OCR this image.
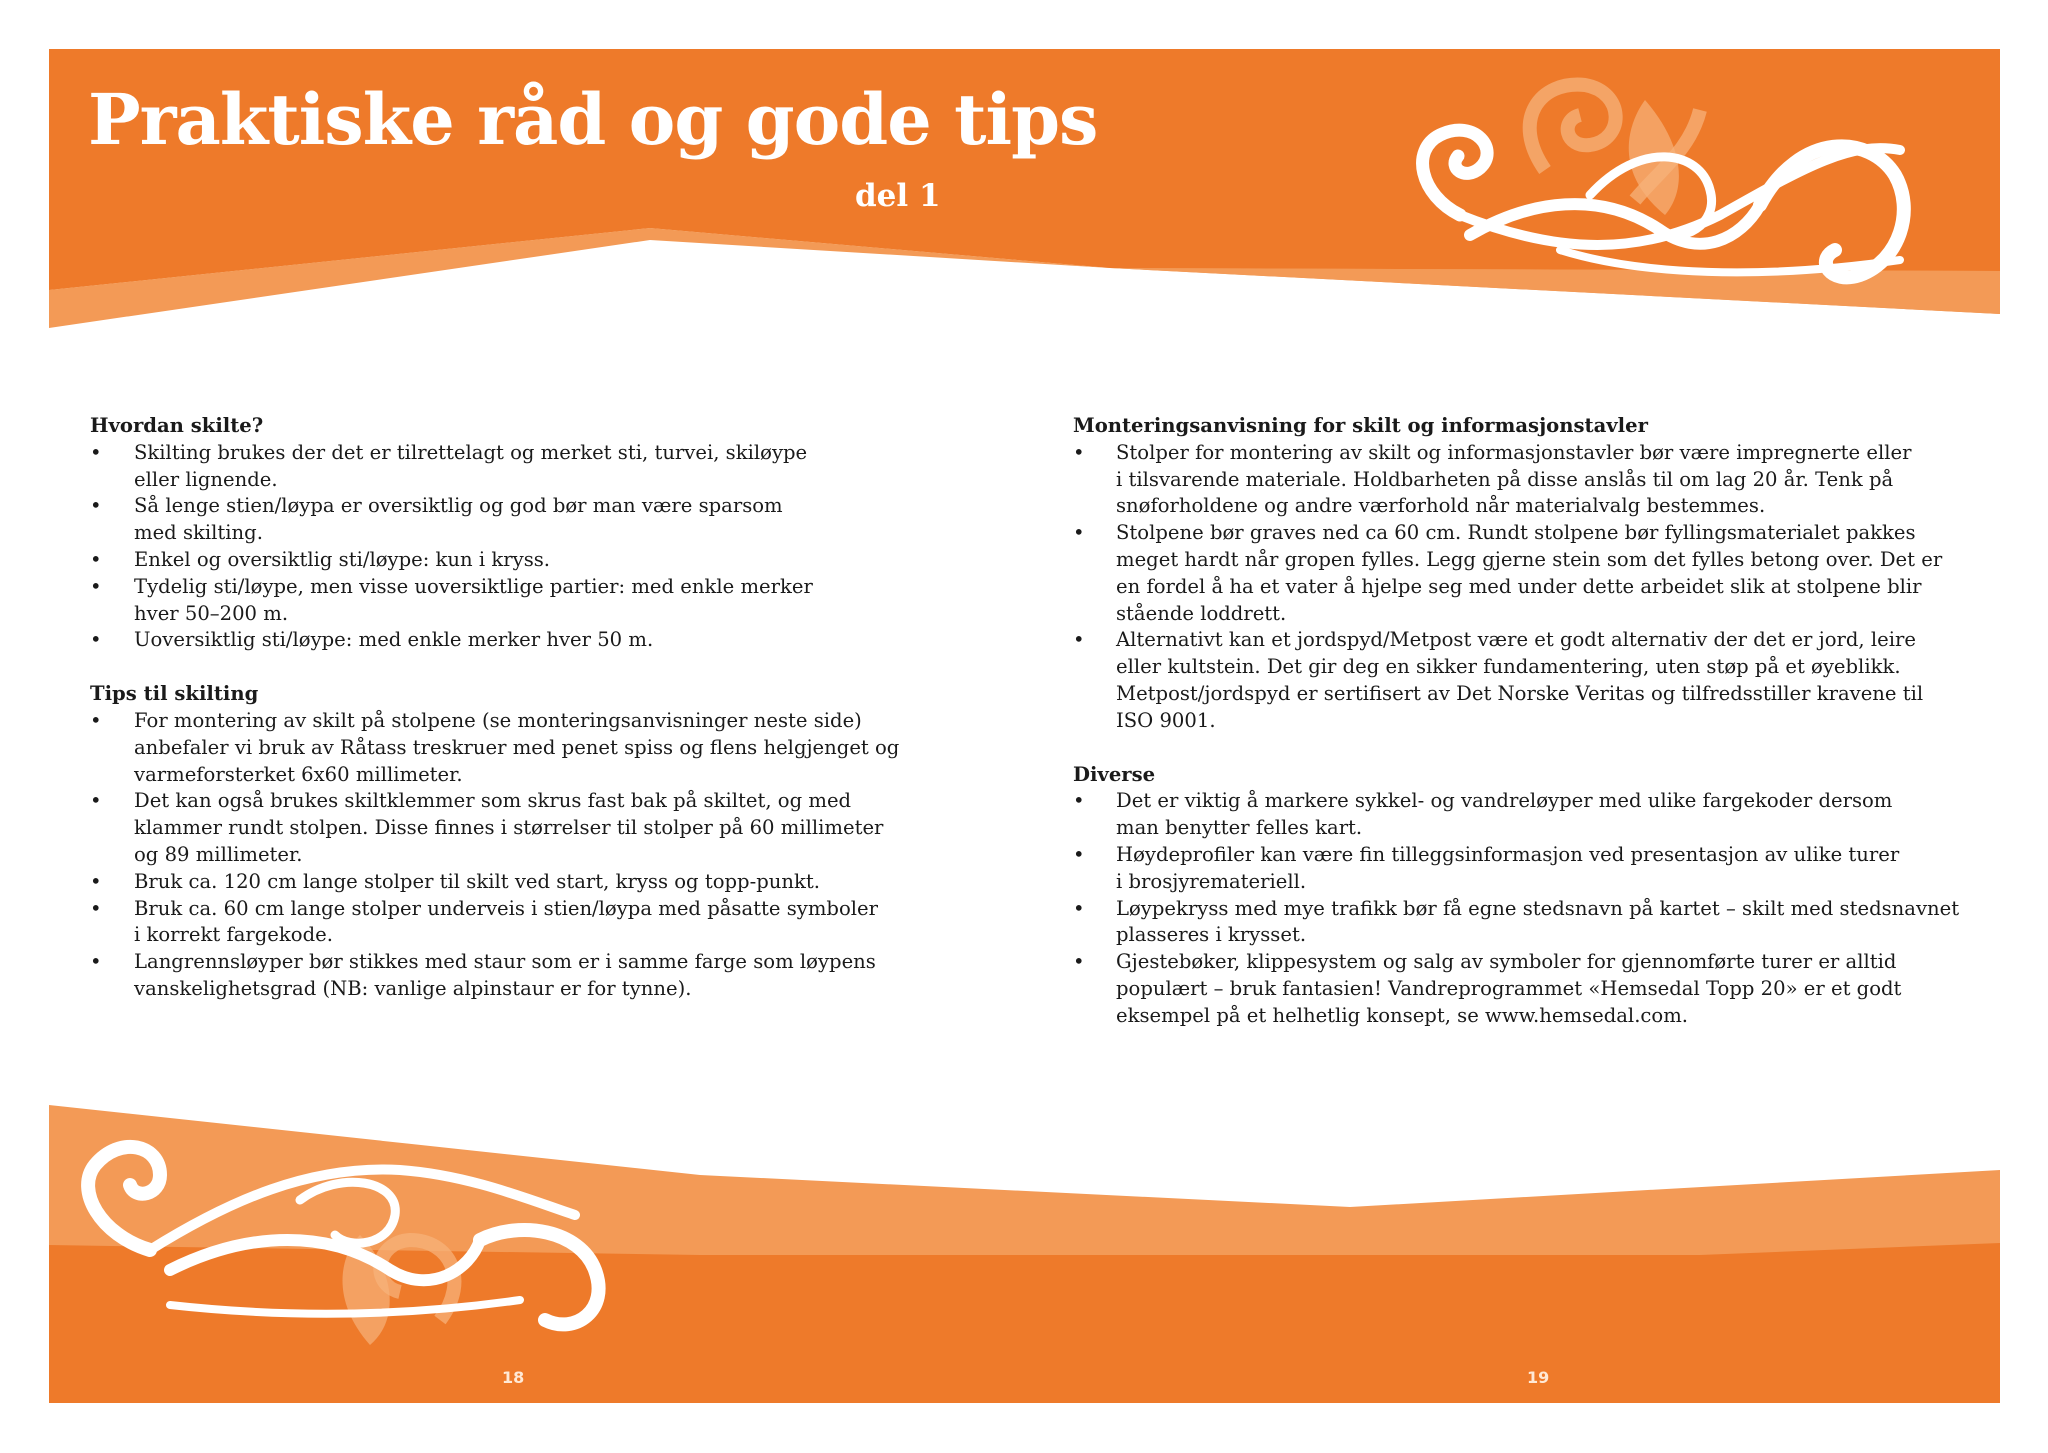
Praktiske råd og gode tips
del 1

Hvordan skilte?

• Skilting brukes der det er tilrettelagt og merket sti, turvei, skiløype
eller lignende.
• Så lenge stien/løypa er oversiktlig og god bør man være sparsom
med skilting.
• Enkel og oversiktlig sti/løype: kun i kryss.
• Tydelig sti/løype, men visse uoversiktlige partier: med enkle merker
hver 50–200 m.
• Uoversiktlig sti/løype: med enkle merker hver 50 m.

Tips til skilting

• For montering av skilt på stolpene (se monteringsanvisninger neste side)
anbefaler vi bruk av Råtass treskruer med penet spiss og flens helgjenget og
varmeforsterket 6x60 millimeter.
• Det kan også brukes skiltklemmer som skrus fast bak på skiltet, og med
klammer rundt stolpen. Disse finnes i størrelser til stolper på 60 millimeter
og 89 millimeter.
• Bruk ca. 120 cm lange stolper til skilt ved start, kryss og topp-punkt.
• Bruk ca. 60 cm lange stolper underveis i stien/løypa med påsatte symboler
i korrekt fargekode.
• Langrennsløyper bør stikkes med staur som er i samme farge som løypens
vanskelighetsgrad (NB: vanlige alpinstaur er for tynne).

Monteringsanvisning for skilt og informasjonstavler

• Stolper for montering av skilt og informasjonstavler bør være impregnerte eller
i tilsvarende materiale. Holdbarheten på disse anslås til om lag 20 år. Tenk på
snøforholdene og andre værforhold når materialvalg bestemmes.
• Stolpene bør graves ned ca 60 cm. Rundt stolpene bør fyllingsmaterialet pakkes
meget hardt når gropen fylles. Legg gjerne stein som det fylles betong over. Det er
en fordel å ha et vater å hjelpe seg med under dette arbeidet slik at stolpene blir
stående loddrett.
• Alternativt kan et jordspyd/Metpost være et godt alternativ der det er jord, leire
eller kultstein. Det gir deg en sikker fundamentering, uten støp på et øyeblikk.
Metpost/jordspyd er sertifisert av Det Norske Veritas og tilfredsstiller kravene til
ISO 9001.

Diverse

• Det er viktig å markere sykkel- og vandreløyper med ulike fargekoder dersom
man benytter felles kart.
• Høydeprofiler kan være fin tilleggsinformasjon ved presentasjon av ulike turer
i brosjyremateriell.
• Løypekryss med mye trafikk bør få egne stedsnavn på kartet – skilt med stedsnavnet
plasseres i krysset.
• Gjestebøker, klippesystem og salg av symboler for gjennomførte turer er alltid
populært – bruk fantasien! Vandreprogrammet «Hemsedal Topp 20» er et godt
eksempel på et helhetlig konsept, se www.hemsedal.com.
18	19
